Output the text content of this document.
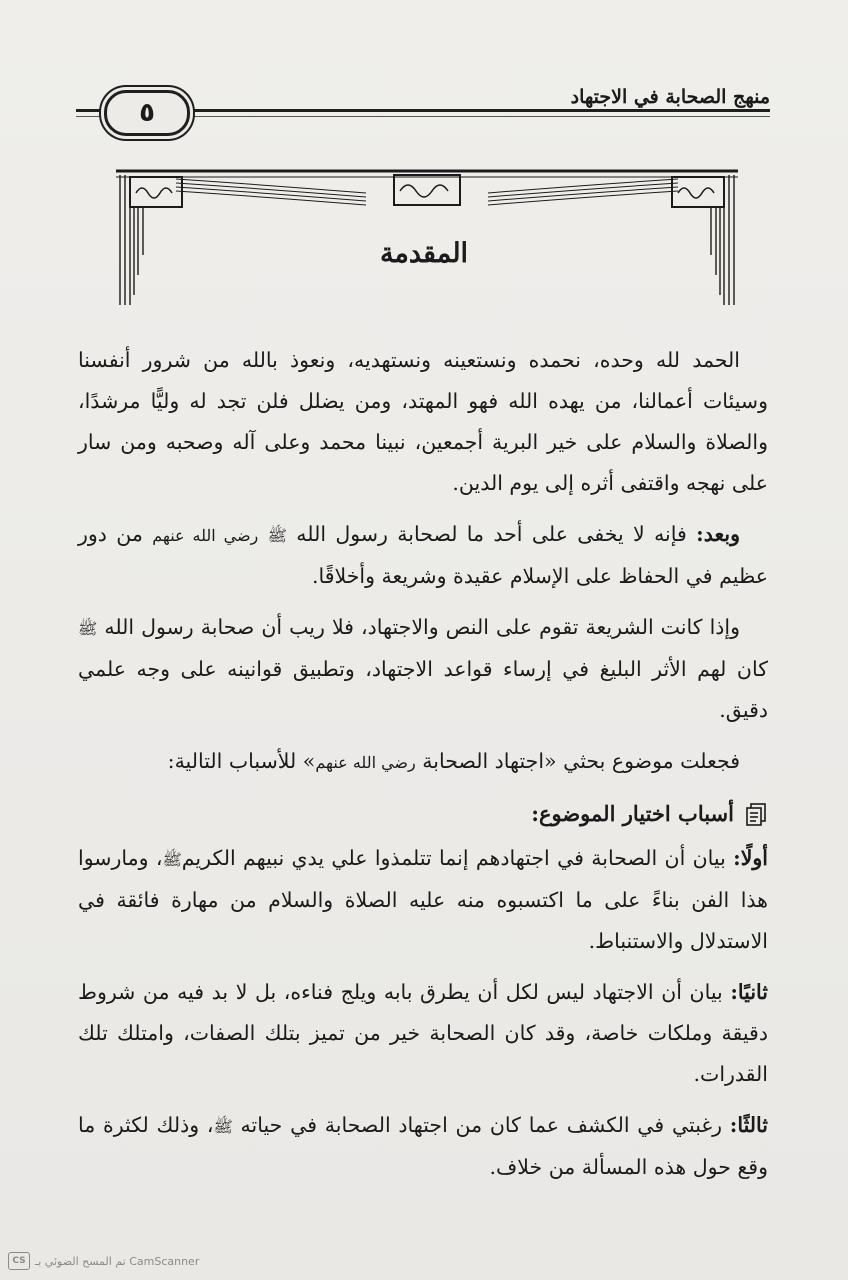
منهج الصحابة في الاجتهاد
٥
المقدمة

الحمد لله وحده، نحمده ونستعينه ونستهديه، ونعوذ بالله من شرور أنفسنا وسيئات أعمالنا، من يهده الله فهو المهتد، ومن يضلل فلن تجد له وليًّا مرشدًا، والصلاة والسلام على خير البرية أجمعين، نبينا محمد وعلى آله وصحبه ومن سار على نهجه واقتفى أثره إلى يوم الدين.

وبعد: فإنه لا يخفى على أحد ما لصحابة رسول الله ﷺ رضي الله عنهم من دور عظيم في الحفاظ على الإسلام عقيدة وشريعة وأخلاقًا.

وإذا كانت الشريعة تقوم على النص والاجتهاد، فلا ريب أن صحابة رسول الله ﷺ كان لهم الأثر البليغ في إرساء قواعد الاجتهاد، وتطبيق قوانينه على وجه علمي دقيق.

فجعلت موضوع بحثي «اجتهاد الصحابة رضي الله عنهم» للأسباب التالية:

أسباب اختيار الموضوع:

أولًا: بيان أن الصحابة في اجتهادهم إنما تتلمذوا علي يدي نبيهم الكريمﷺ، ومارسوا هذا الفن بناءً على ما اكتسبوه منه عليه الصلاة والسلام من مهارة فائقة في الاستدلال والاستنباط.

ثانيًا: بيان أن الاجتهاد ليس لكل أن يطرق بابه ويلج فناءه، بل لا بد فيه من شروط دقيقة وملكات خاصة، وقد كان الصحابة خير من تميز بتلك الصفات، وامتلك تلك القدرات.

ثالثًا: رغبتي في الكشف عما كان من اجتهاد الصحابة في حياته ﷺ، وذلك لكثرة ما وقع حول هذه المسألة من خلاف.

CS تم المسح الضوئي بـ CamScanner
